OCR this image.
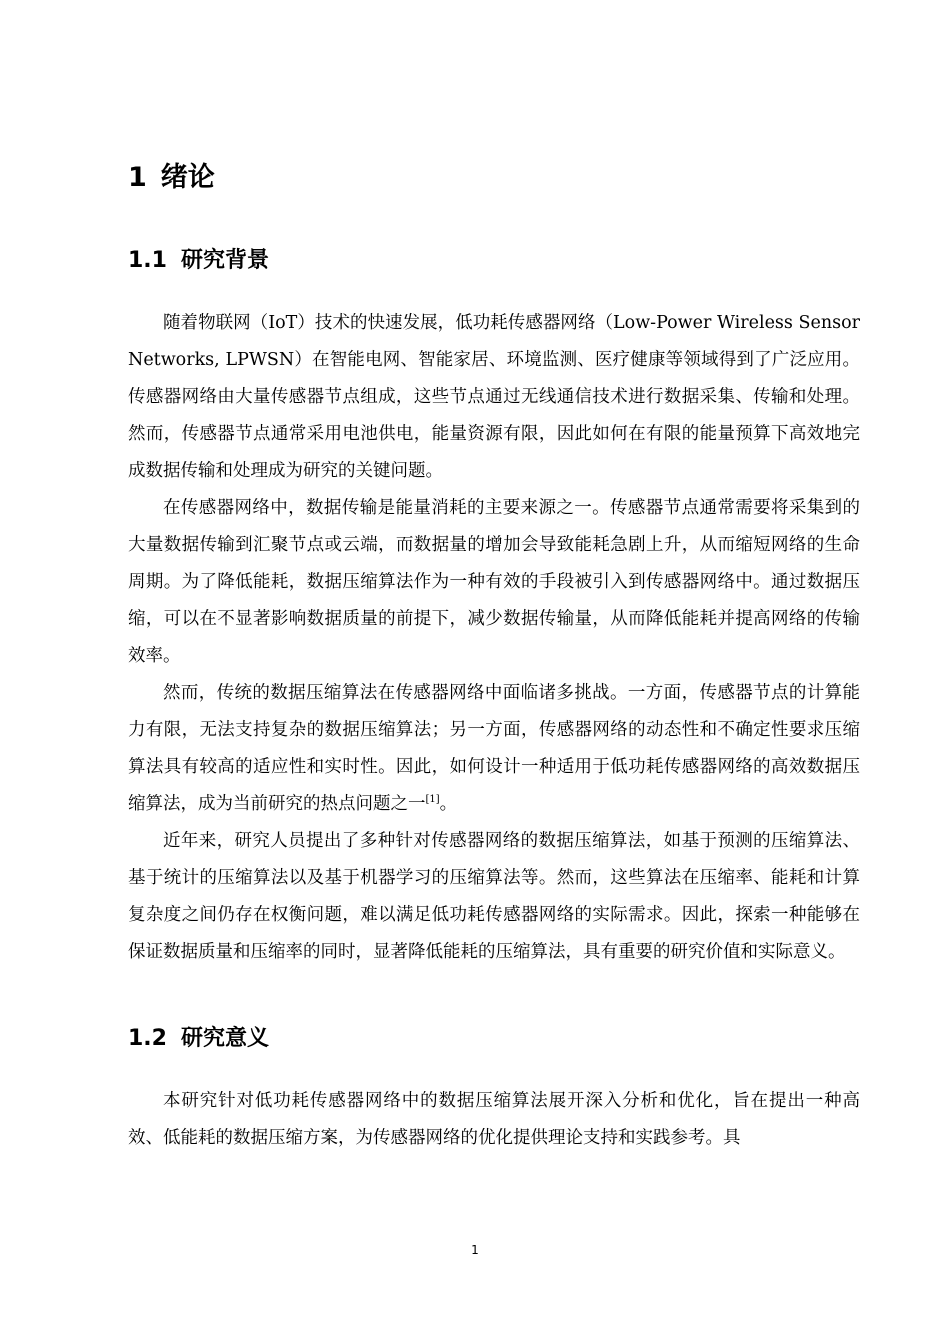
1 绪论
1.1 研究背景

随着物联网（IoT）技术的快速发展，低功耗传感器网络（Low-Power Wireless Sensor Networks, LPWSN）在智能电网、智能家居、环境监测、医疗健康等领域得到了广泛应用。传感器网络由大量传感器节点组成，这些节点通过无线通信技术进行数据采集、传输和处理。然而，传感器节点通常采用电池供电，能量资源有限，因此如何在有限的能量预算下高效地完成数据传输和处理成为研究的关键问题。

在传感器网络中，数据传输是能量消耗的主要来源之一。传感器节点通常需要将采集到的大量数据传输到汇聚节点或云端，而数据量的增加会导致能耗急剧上升，从而缩短网络的生命周期。为了降低能耗，数据压缩算法作为一种有效的手段被引入到传感器网络中。通过数据压缩，可以在不显著影响数据质量的前提下，减少数据传输量，从而降低能耗并提高网络的传输效率。

然而，传统的数据压缩算法在传感器网络中面临诸多挑战。一方面，传感器节点的计算能力有限，无法支持复杂的数据压缩算法；另一方面，传感器网络的动态性和不确定性要求压缩算法具有较高的适应性和实时性。因此，如何设计一种适用于低功耗传感器网络的高效数据压缩算法，成为当前研究的热点问题之一[1]。

近年来，研究人员提出了多种针对传感器网络的数据压缩算法，如基于预测的压缩算法、基于统计的压缩算法以及基于机器学习的压缩算法等。然而，这些算法在压缩率、能耗和计算复杂度之间仍存在权衡问题，难以满足低功耗传感器网络的实际需求。因此，探索一种能够在保证数据质量和压缩率的同时，显著降低能耗的压缩算法，具有重要的研究价值和实际意义。

1.2 研究意义

本研究针对低功耗传感器网络中的数据压缩算法展开深入分析和优化，旨在提出一种高效、低能耗的数据压缩方案，为传感器网络的优化提供理论支持和实践参考。具

1
